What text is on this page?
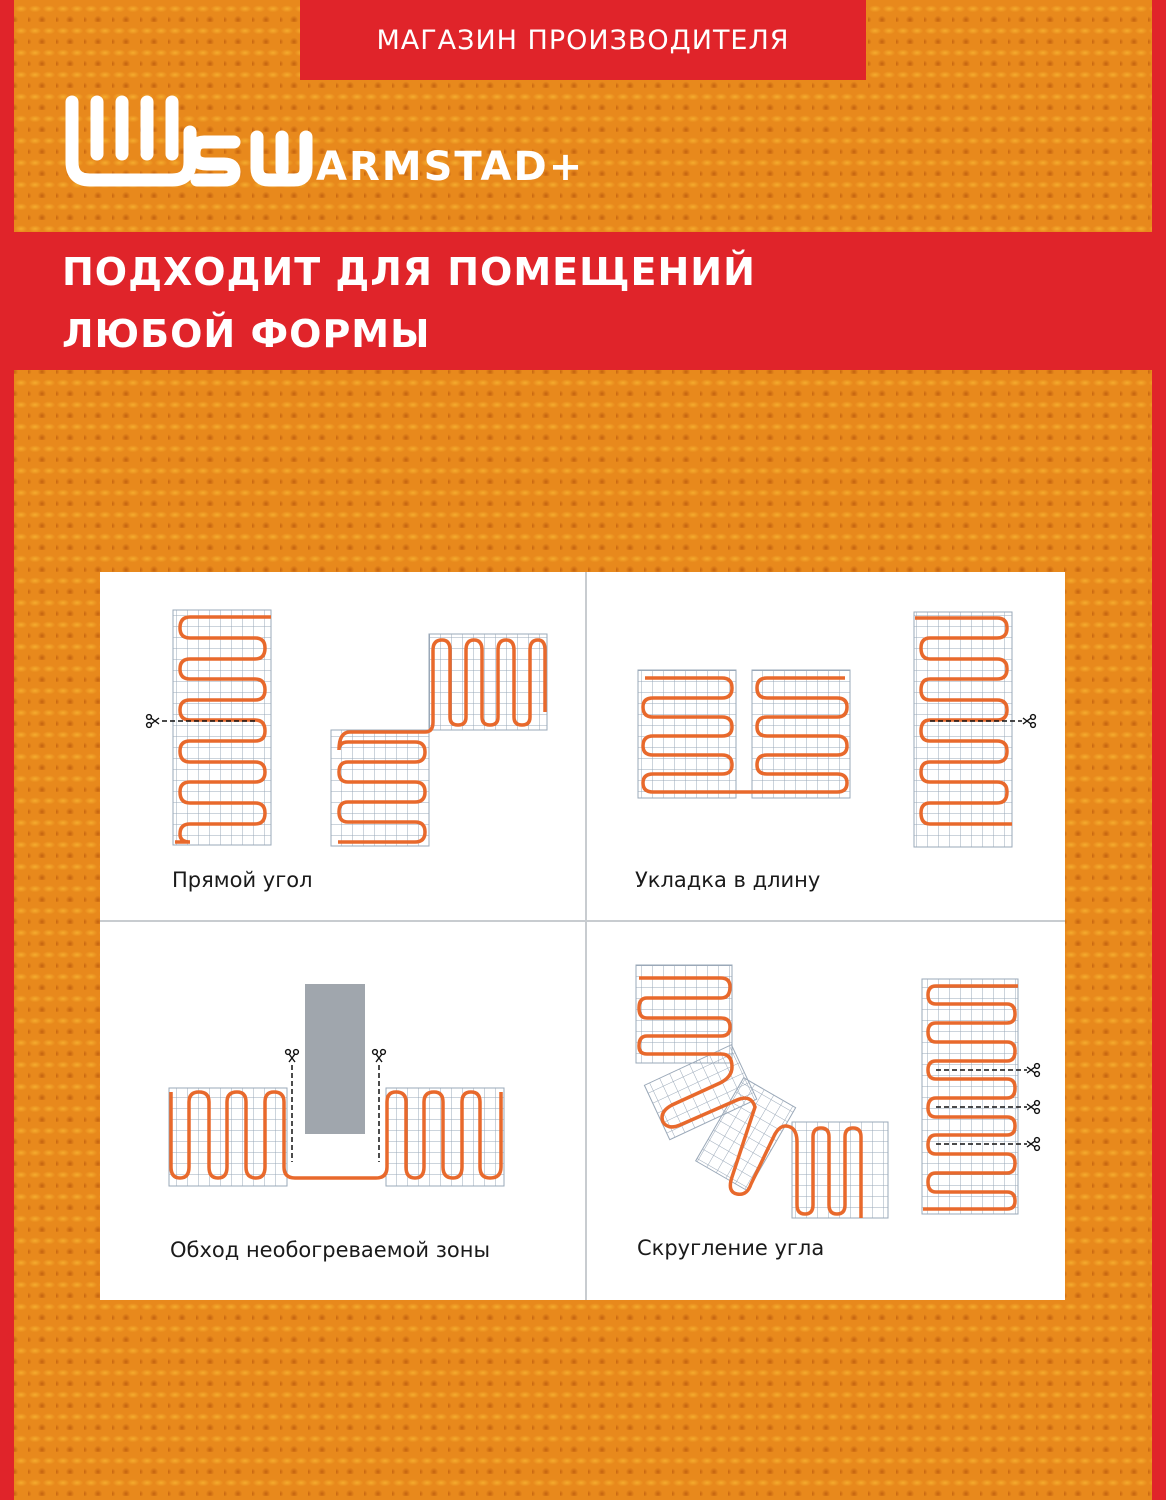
МАГАЗИН ПРОИЗВОДИТЕЛЯ
ARMSTAD+
ПОДХОДИТ ДЛЯ ПОМЕЩЕНИЙ
ЛЮБОЙ ФОРМЫ
Прямой угол	Укладка в длину
Обход необогреваемой зоны	Скругление угла
